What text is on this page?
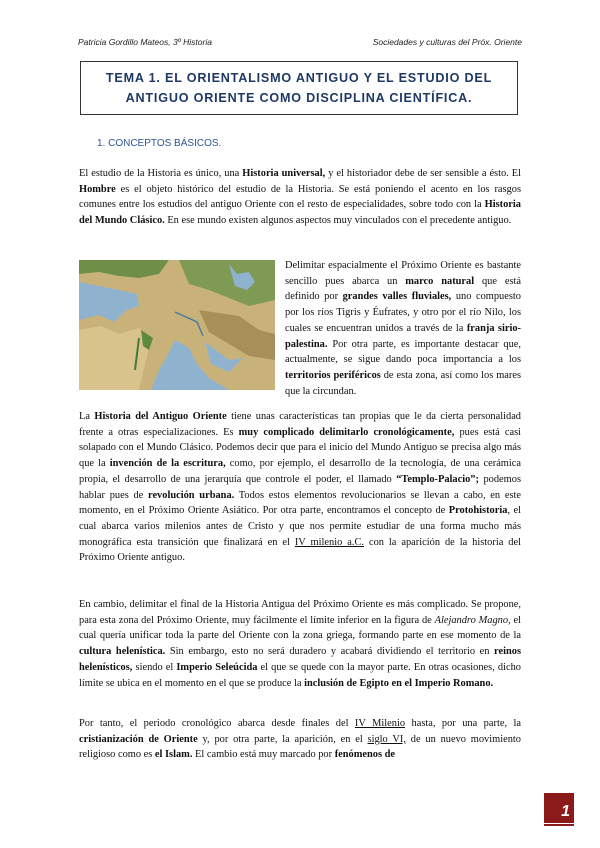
Patricia Gordillo Mateos, 3º Historia	Sociedades y culturas del Próx. Oriente
TEMA 1. EL ORIENTALISMO ANTIGUO Y EL ESTUDIO DEL
ANTIGUO ORIENTE COMO DISCIPLINA CIENTÍFICA.
1. CONCEPTOS BÁSICOS.
El estudio de la Historia es único, una Historia universal, y el historiador debe de ser sensible a ésto. El Hombre es el objeto histórico del estudio de la Historia. Se está poniendo el acento en los rasgos comunes entre los estudios del antiguo Oriente con el resto de especialidades, sobre todo con la Historia del Mundo Clásico. En ese mundo existen algunos aspectos muy vinculados con el precedente antiguo.
Delimitar espacialmente el Próximo Oriente es bastante sencillo pues abarca un marco natural que está definido por grandes valles fluviales, uno compuesto por los ríos Tigris y Éufrates, y otro por el río Nilo, los cuales se encuentran unidos a través de la franja sirio-palestina. Por otra parte, es importante destacar que, actualmente, se sigue dando poca importancia a los territorios periféricos de esta zona, así como los mares que la circundan.
La Historia del Antiguo Oriente tiene unas características tan propias que le da cierta personalidad frente a otras especializaciones. Es muy complicado delimitarlo cronológicamente, pues está casi solapado con el Mundo Clásico. Podemos decir que para el inicio del Mundo Antiguo se precisa algo más que la invención de la escritura, como, por ejemplo, el desarrollo de la tecnología, de una cerámica propia, el desarrollo de una jerarquía que controle el poder, el llamado “Templo-Palacio”; podemos hablar pues de revolución urbana. Todos estos elementos revolucionarios se llevan a cabo, en este momento, en el Próximo Oriente Asiático. Por otra parte, encontramos el concepto de Protohistoria, el cual abarca varios milenios antes de Cristo y que nos permite estudiar de una forma mucho más monográfica esta transición que finalizará en el IV milenio a.C. con la aparición de la historia del Próximo Oriente antiguo.
En cambio, delimitar el final de la Historia Antigua del Próximo Oriente es más complicado. Se propone, para esta zona del Próximo Oriente, muy fácilmente el límite inferior en la figura de Alejandro Magno, el cual quería unificar toda la parte del Oriente con la zona griega, formando parte en ese momento de la cultura helenística. Sin embargo, esto no será duradero y acabará dividiendo el territorio en reinos helenísticos, siendo el Imperio Seleúcida el que se quede con la mayor parte. En otras ocasiones, dicho límite se ubica en el momento en el que se produce la inclusión de Egipto en el Imperio Romano.
Por tanto, el periodo cronológico abarca desde finales del IV Milenio hasta, por una parte, la cristianización de Oriente y, por otra parte, la aparición, en el siglo VI, de un nuevo movimiento religioso como es el Islam. El cambio está muy marcado por fenómenos de
1
